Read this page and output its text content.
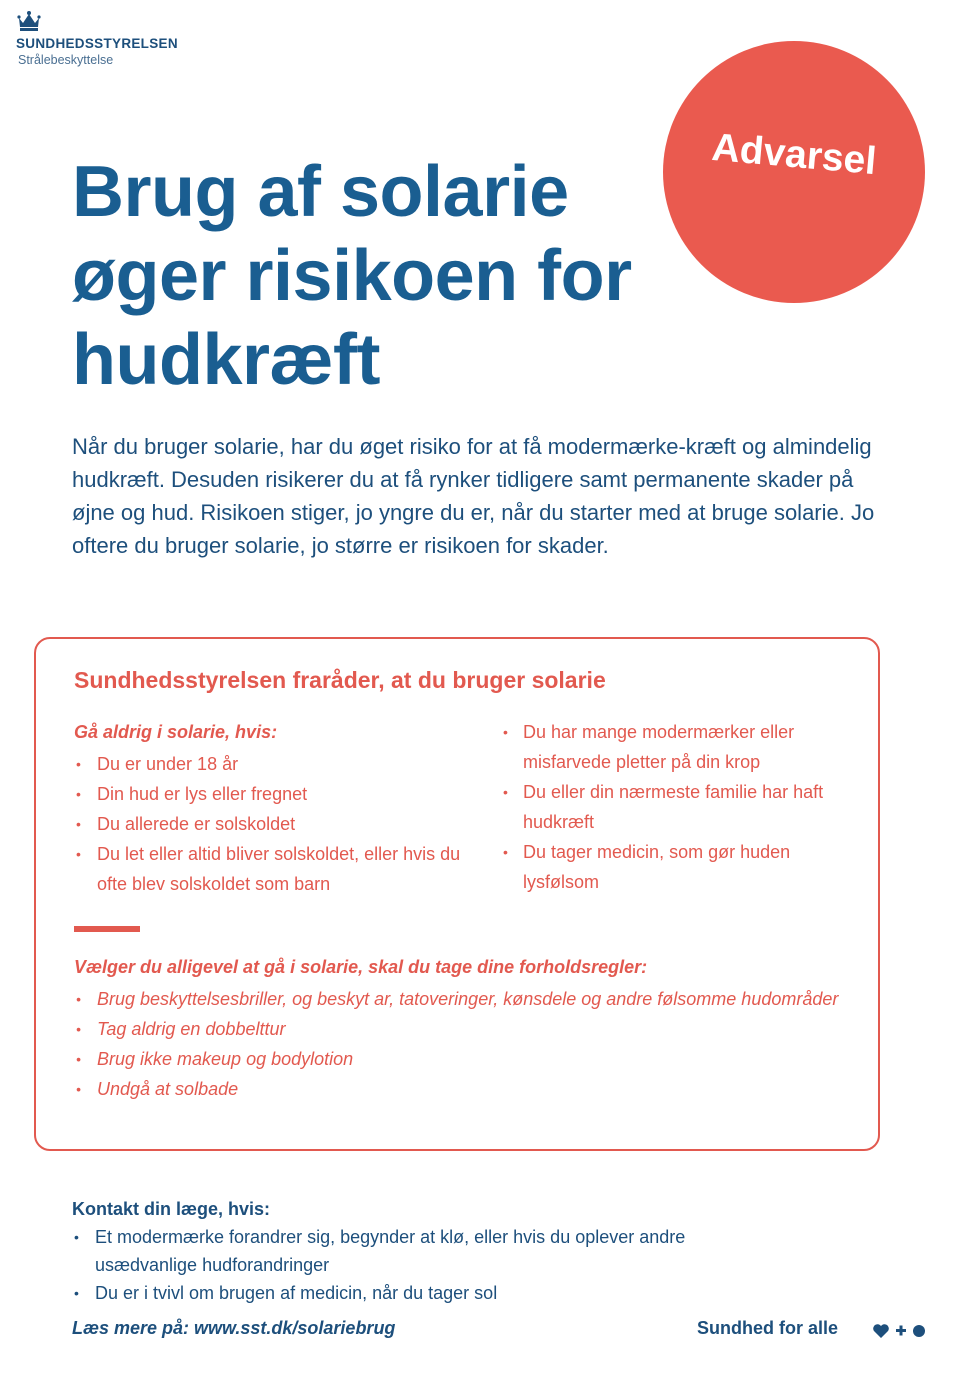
SUNDHEDSSTYRELSEN
Strålebeskyttelse
Advarsel
Brug af solarie øger risikoen for hudkræft

Når du bruger solarie, har du øget risiko for at få modermærke-kræft og almindelig hudkræft. Desuden risikerer du at få rynker tidligere samt permanente skader på øjne og hud. Risikoen stiger, jo yngre du er, når du starter med at bruge solarie. Jo oftere du bruger solarie, jo større er risikoen for skader.

Sundhedsstyrelsen fraråder, at du bruger solarie
Gå aldrig i solarie, hvis:
• Du er under 18 år
• Din hud er lys eller fregnet
• Du allerede er solskoldet
• Du let eller altid bliver solskoldet, eller hvis du ofte blev solskoldet som barn
• Du har mange modermærker eller misfarvede pletter på din krop
• Du eller din nærmeste familie har haft hudkræft
• Du tager medicin, som gør huden lysfølsom
Vælger du alligevel at gå i solarie, skal du tage dine forholdsregler:
• Brug beskyttelsesbriller, og beskyt ar, tatoveringer, kønsdele og andre følsomme hudområder
• Tag aldrig en dobbelttur
• Brug ikke makeup og bodylotion
• Undgå at solbade
Kontakt din læge, hvis:
• Et modermærke forandrer sig, begynder at klø, eller hvis du oplever andre usædvanlige hudforandringer
• Du er i tvivl om brugen af medicin, når du tager sol
Læs mere på: www.sst.dk/solariebrug	Sundhed for alle
